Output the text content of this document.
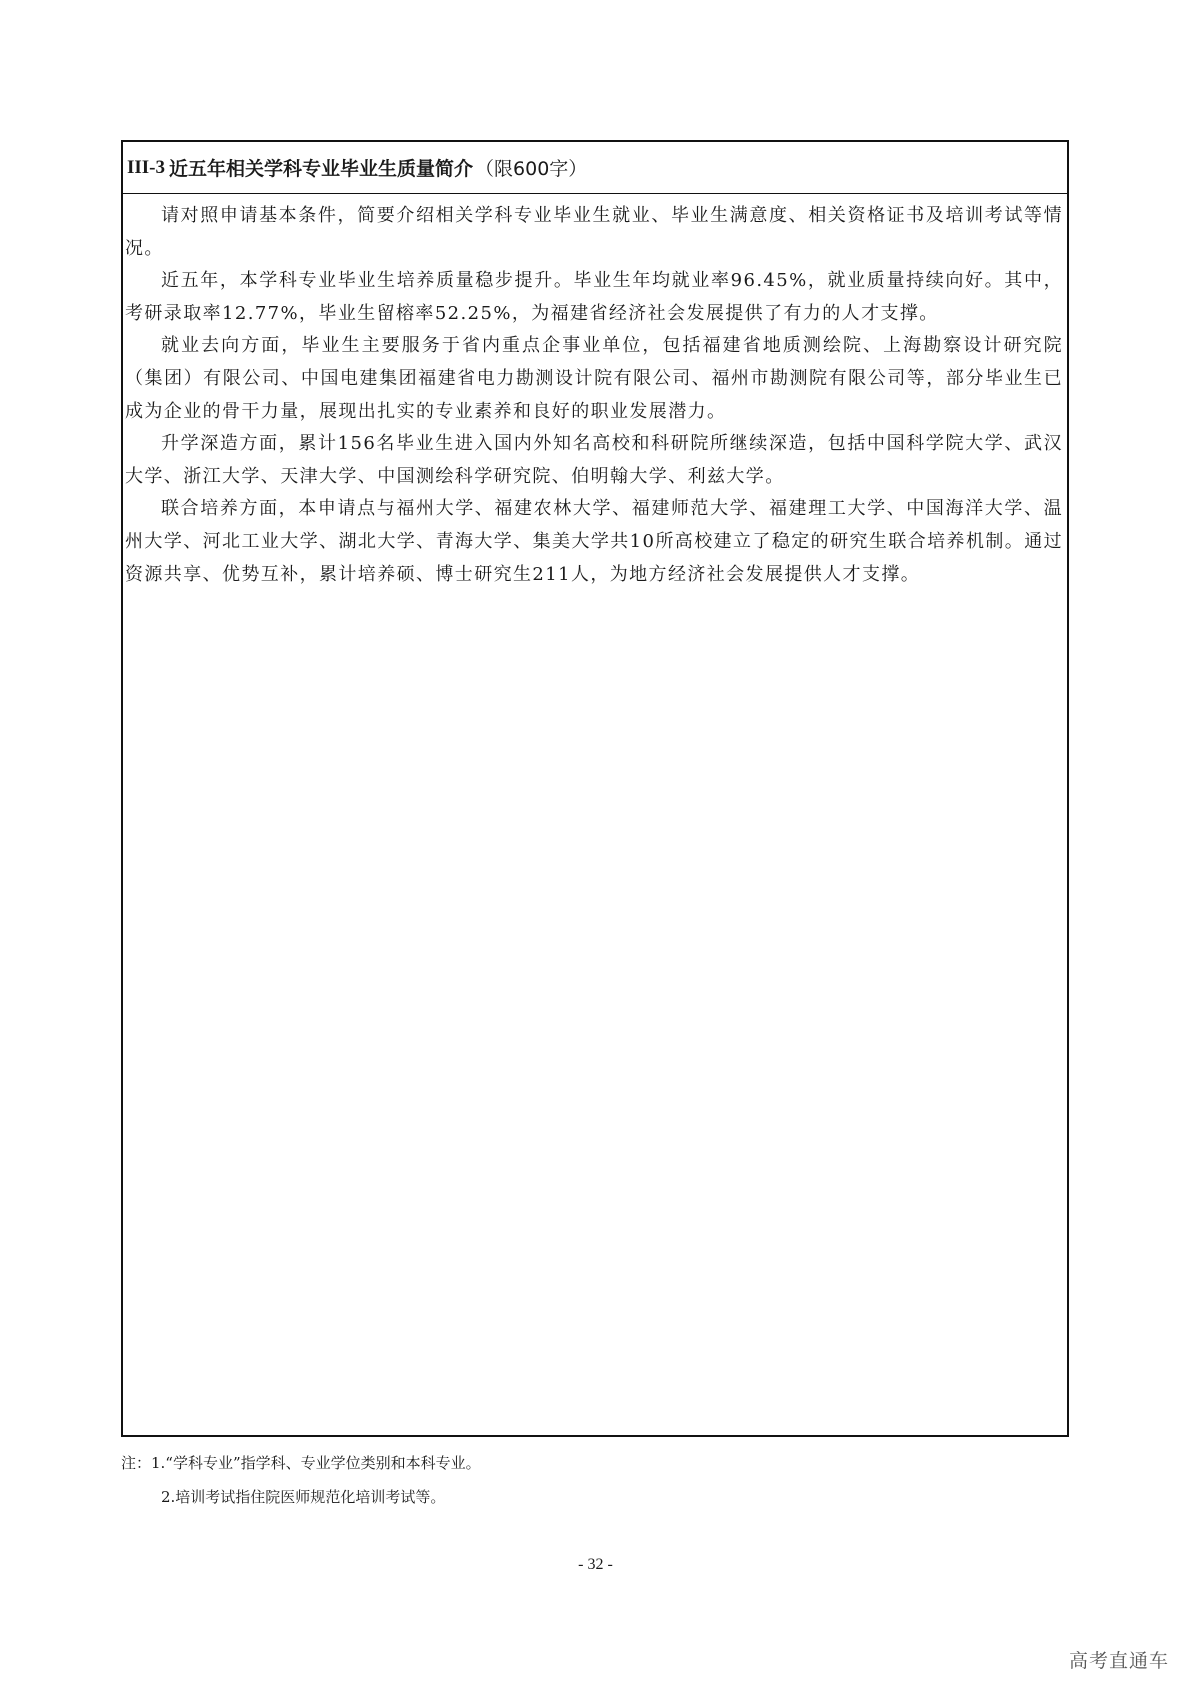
III-3 近五年相关学科专业毕业生质量简介 （限600字）

请对照申请基本条件，简要介绍相关学科专业毕业生就业、毕业生满意度、相关资格证书及培训考试等情况。

近五年，本学科专业毕业生培养质量稳步提升。毕业生年均就业率96.45%，就业质量持续向好。其中，考研录取率12.77%，毕业生留榕率52.25%，为福建省经济社会发展提供了有力的人才支撑。

就业去向方面，毕业生主要服务于省内重点企事业单位，包括福建省地质测绘院、上海勘察设计研究院（集团）有限公司、中国电建集团福建省电力勘测设计院有限公司、福州市勘测院有限公司等，部分毕业生已成为企业的骨干力量，展现出扎实的专业素养和良好的职业发展潜力。

升学深造方面，累计156名毕业生进入国内外知名高校和科研院所继续深造，包括中国科学院大学、武汉大学、浙江大学、天津大学、中国测绘科学研究院、伯明翰大学、利兹大学。

联合培养方面，本申请点与福州大学、福建农林大学、福建师范大学、福建理工大学、中国海洋大学、温州大学、河北工业大学、湖北大学、青海大学、集美大学共10所高校建立了稳定的研究生联合培养机制。通过资源共享、优势互补，累计培养硕、博士研究生211人，为地方经济社会发展提供人才支撑。

注：1.“学科专业”指学科、专业学位类别和本科专业。
2.培训考试指住院医师规范化培训考试等。
- 32 -
高考直通车
